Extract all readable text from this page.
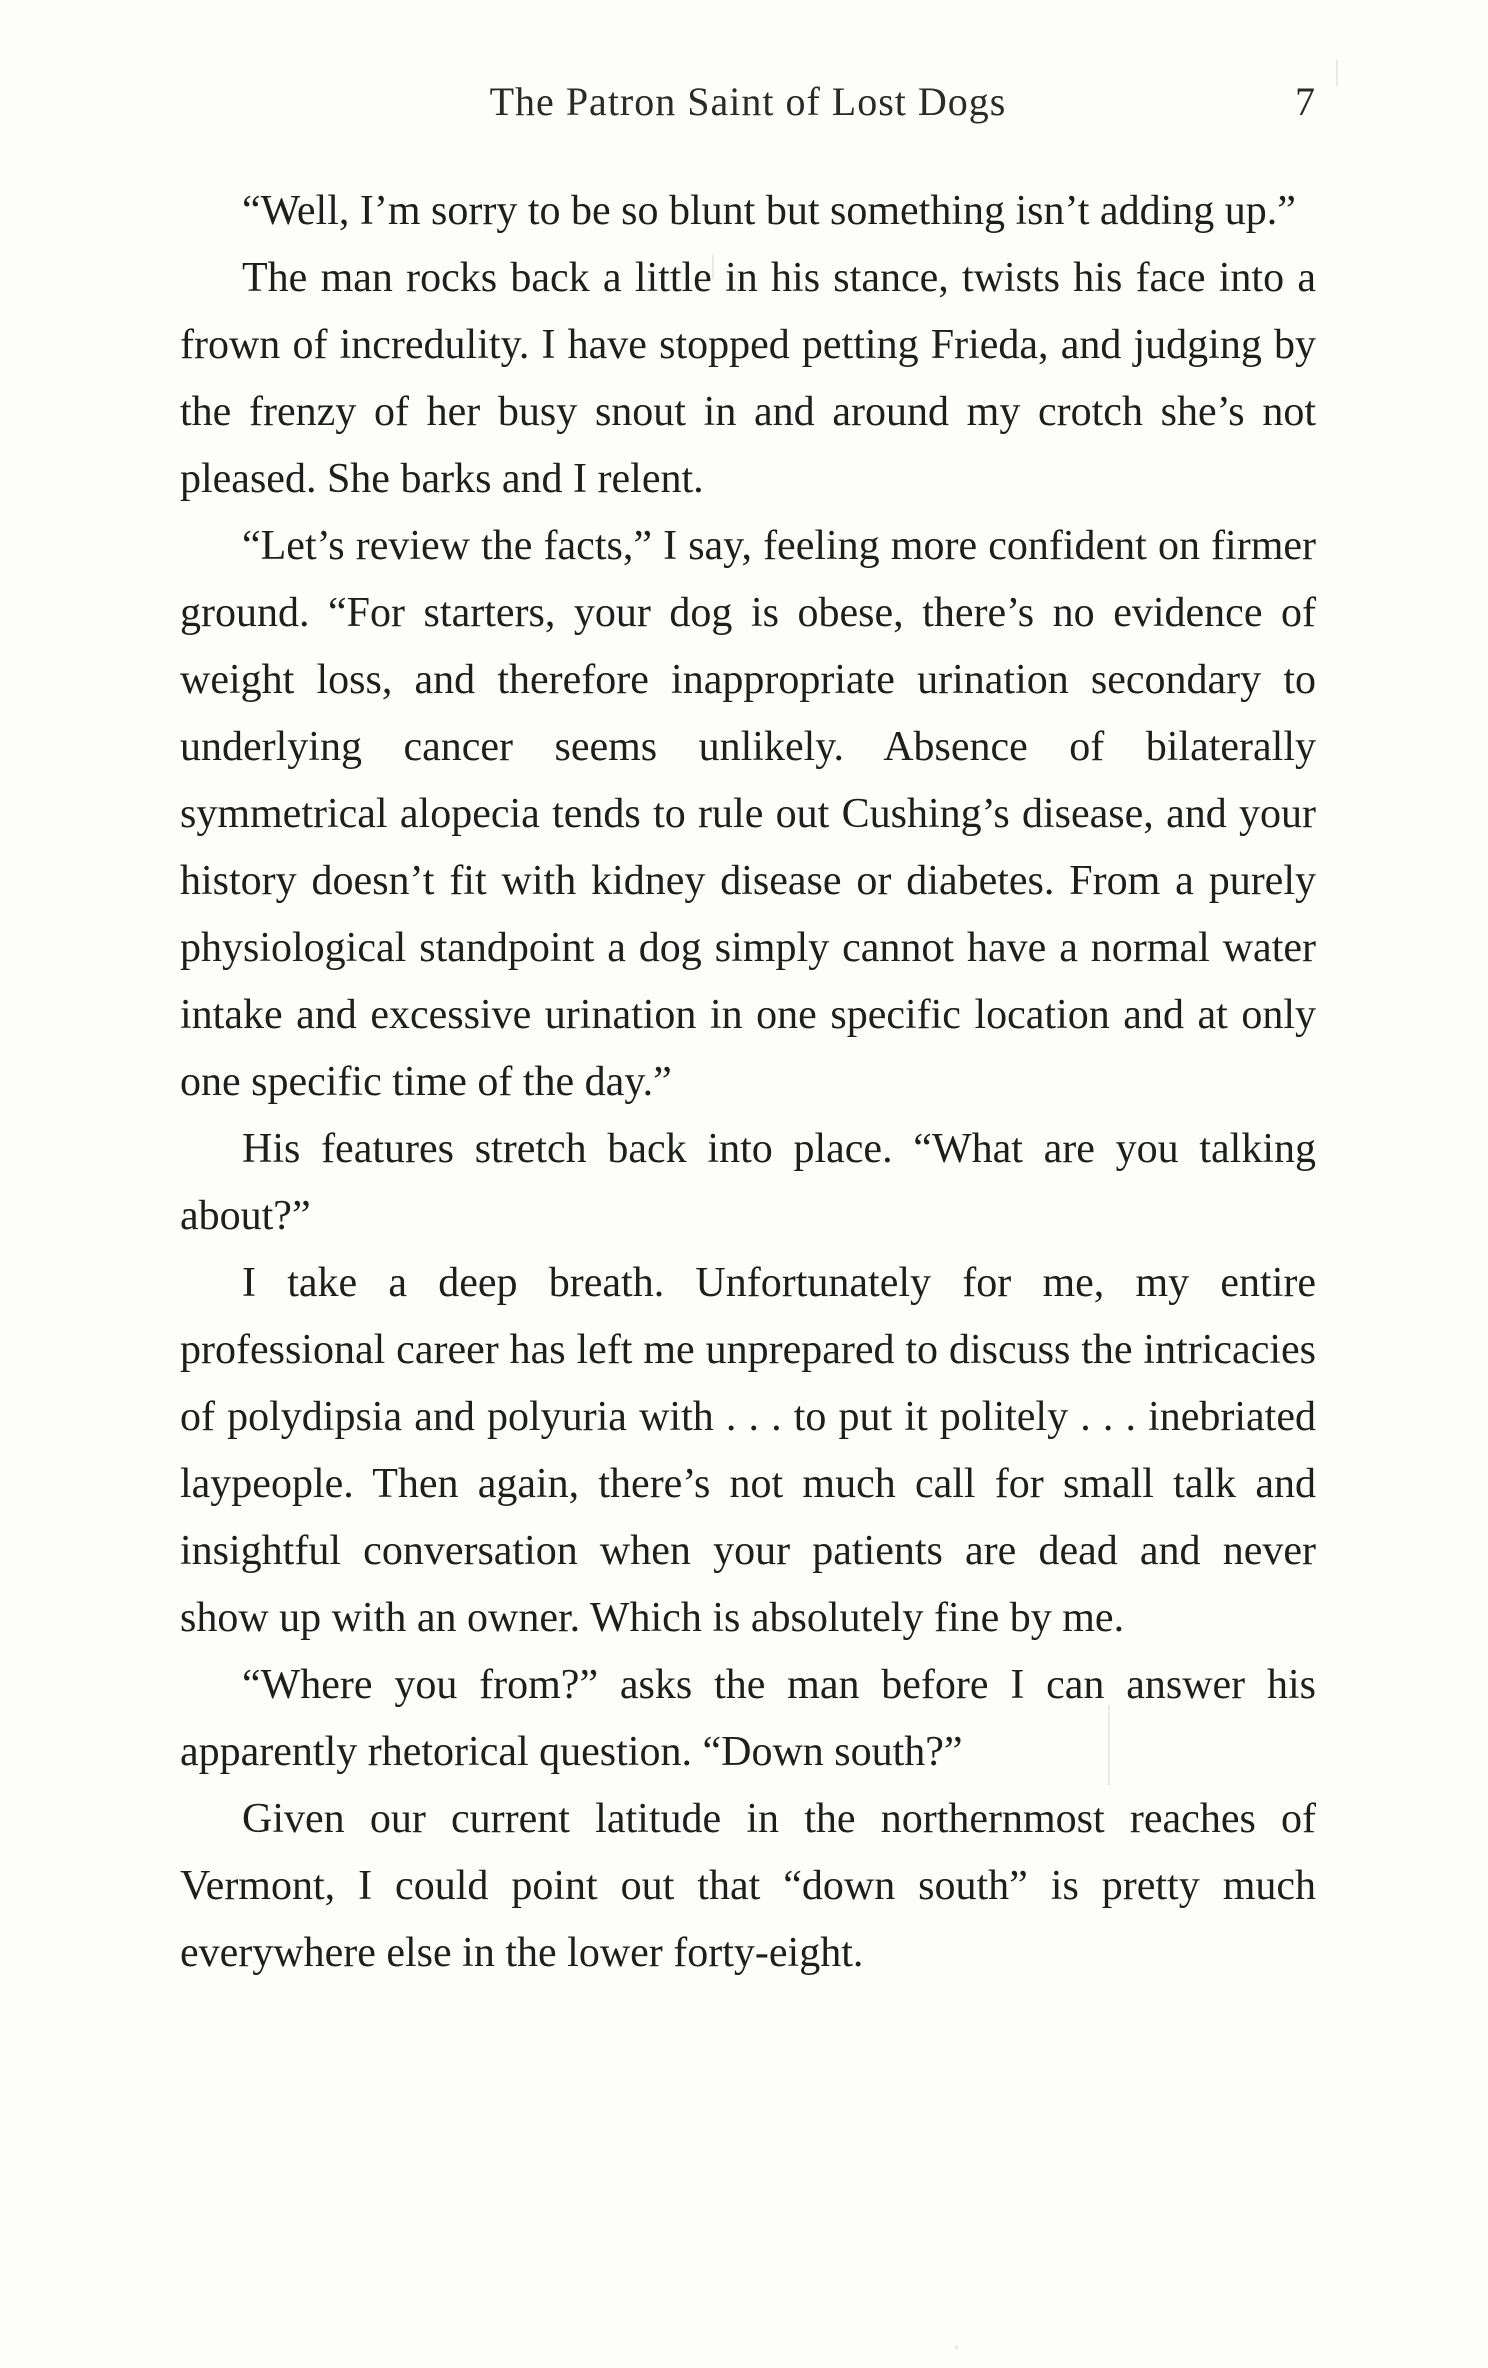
The Patron Saint of Lost Dogs	7

“Well, I’m sorry to be so blunt but something isn’t adding up.”

The man rocks back a little in his stance, twists his face into a frown of incredulity. I have stopped petting Frieda, and judging by the frenzy of her busy snout in and around my crotch she’s not pleased. She barks and I relent.

“Let’s review the facts,” I say, feeling more confident on firmer ground. “For starters, your dog is obese, there’s no evidence of weight loss, and therefore inappropriate urination secondary to underlying cancer seems unlikely. Absence of bilaterally symmetrical alopecia tends to rule out Cushing’s disease, and your history doesn’t fit with kidney disease or diabetes. From a purely physiological standpoint a dog simply cannot have a normal water intake and excessive urination in one specific location and at only one specific time of the day.”

His features stretch back into place. “What are you talking about?”

I take a deep breath. Unfortunately for me, my entire professional career has left me unprepared to discuss the intricacies of polydipsia and polyuria with . . . to put it politely . . . inebriated laypeople. Then again, there’s not much call for small talk and insightful conversation when your patients are dead and never show up with an owner. Which is absolutely fine by me.

“Where you from?” asks the man before I can answer his apparently rhetorical question. “Down south?”

Given our current latitude in the northernmost reaches of Vermont, I could point out that “down south” is pretty much everywhere else in the lower forty-eight.
